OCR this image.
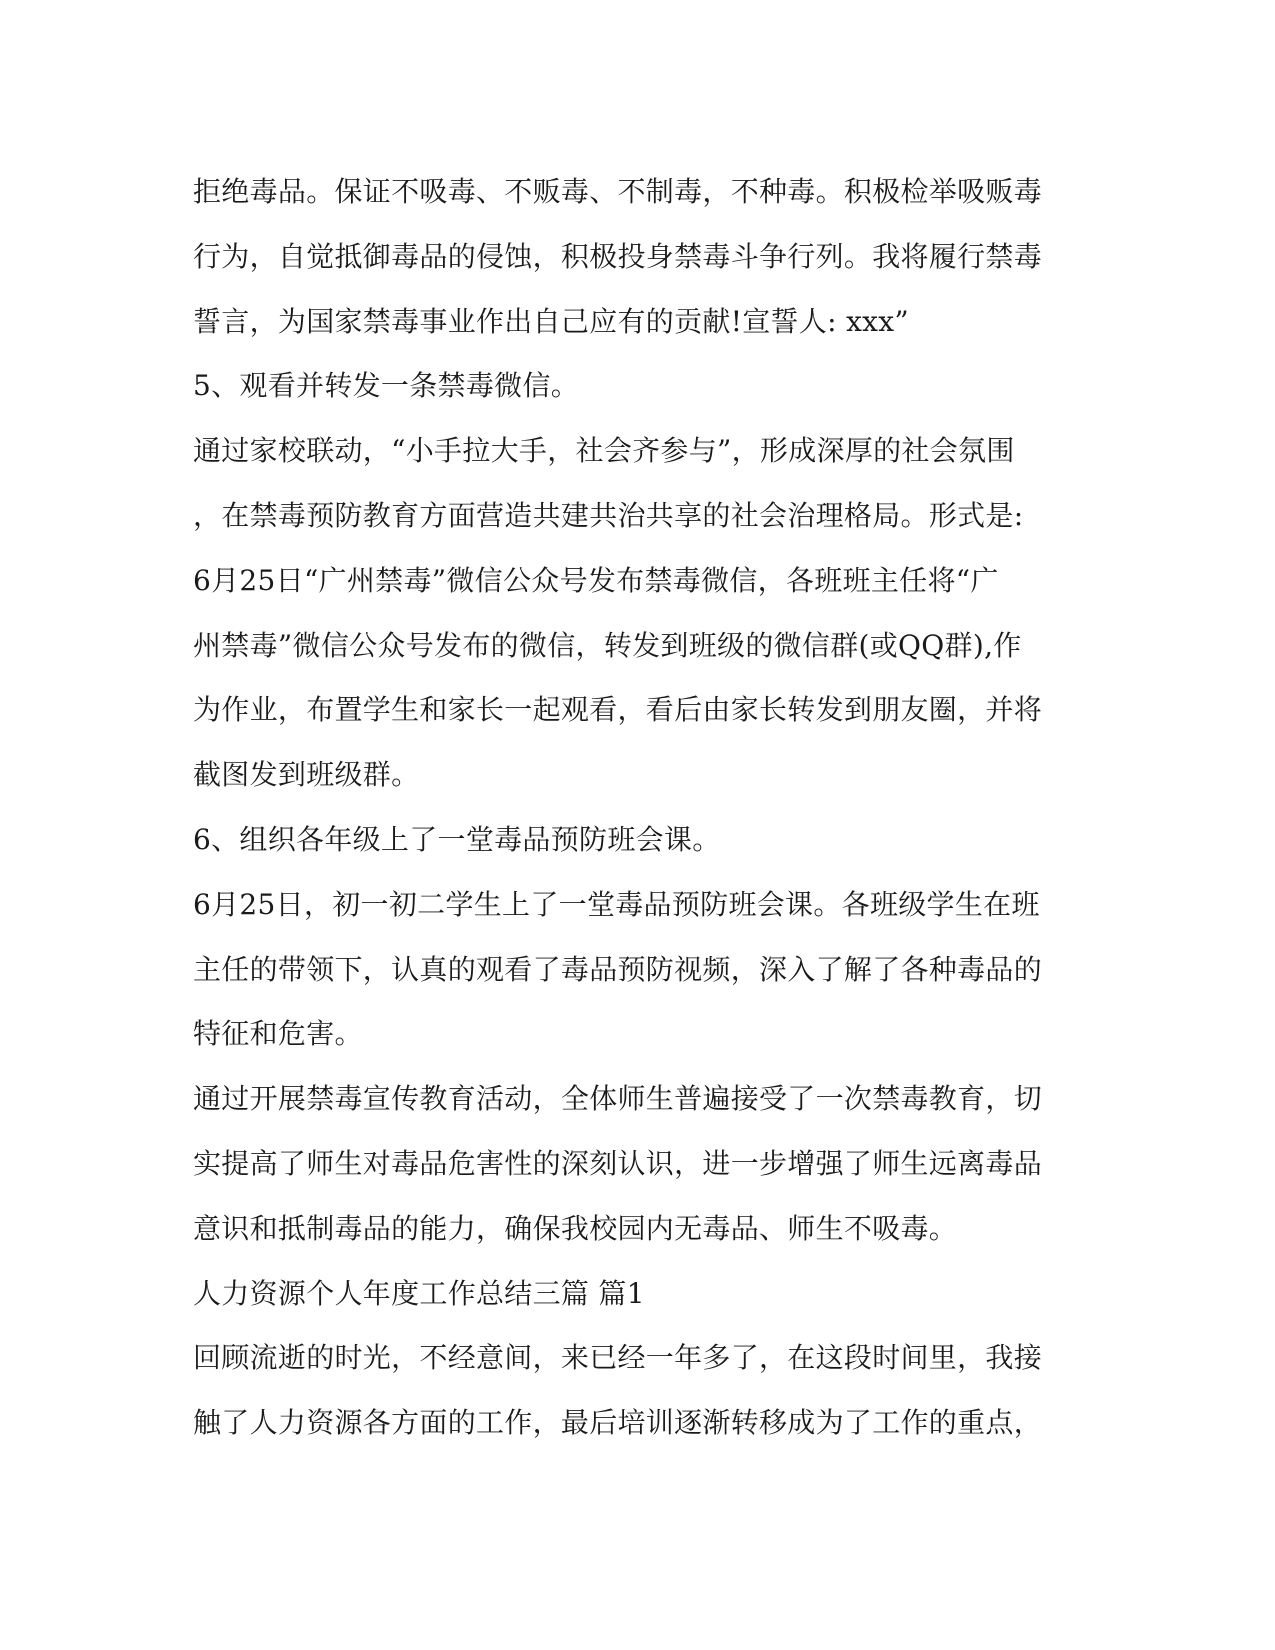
拒绝毒品。保证不吸毒、不贩毒、不制毒，不种毒。积极检举吸贩毒
行为，自觉抵御毒品的侵蚀，积极投身禁毒斗争行列。我将履行禁毒
誓言，为国家禁毒事业作出自己应有的贡献!宣誓人: xxx”
5、观看并转发一条禁毒微信。
通过家校联动，“小手拉大手，社会齐参与”，形成深厚的社会氛围
，在禁毒预防教育方面营造共建共治共享的社会治理格局。形式是:
6月25日“广州禁毒”微信公众号发布禁毒微信，各班班主任将“广
州禁毒”微信公众号发布的微信，转发到班级的微信群(或QQ群),作
为作业，布置学生和家长一起观看，看后由家长转发到朋友圈，并将
截图发到班级群。
6、组织各年级上了一堂毒品预防班会课。
6月25日，初一初二学生上了一堂毒品预防班会课。各班级学生在班
主任的带领下，认真的观看了毒品预防视频，深入了解了各种毒品的
特征和危害。
通过开展禁毒宣传教育活动，全体师生普遍接受了一次禁毒教育，切
实提高了师生对毒品危害性的深刻认识，进一步增强了师生远离毒品
意识和抵制毒品的能力，确保我校园内无毒品、师生不吸毒。
人力资源个人年度工作总结三篇 篇1
回顾流逝的时光，不经意间，来已经一年多了，在这段时间里，我接
触了人力资源各方面的工作，最后培训逐渐转移成为了工作的重点，
